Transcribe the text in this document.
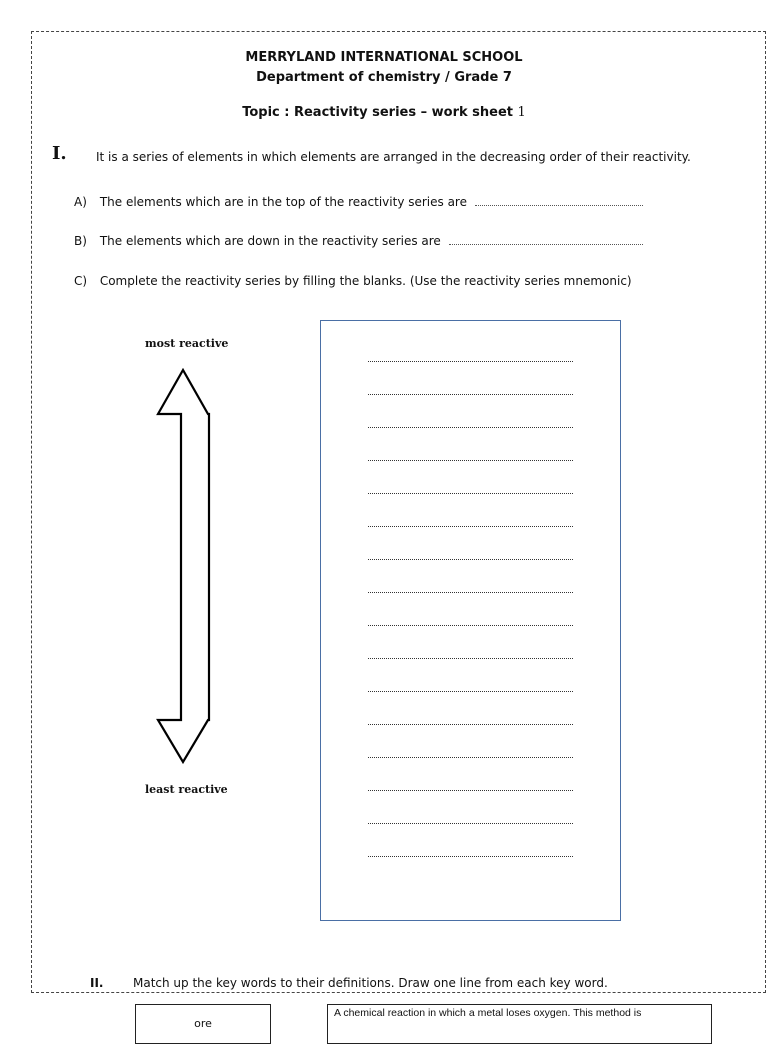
MERRYLAND INTERNATIONAL SCHOOL
Department of chemistry / Grade 7
Topic : Reactivity series – work sheet 1
I. It is a series of elements in which elements are arranged in the decreasing order of their reactivity.
A) The elements which are in the top of the reactivity series are
B) The elements which are down in the reactivity series are
C) Complete the reactivity series by filling the blanks. (Use the reactivity series mnemonic)
most reactive
least reactive
II. Match up the key words to their definitions. Draw one line from each key word.
ore
A chemical reaction in which a metal loses oxygen. This method is
